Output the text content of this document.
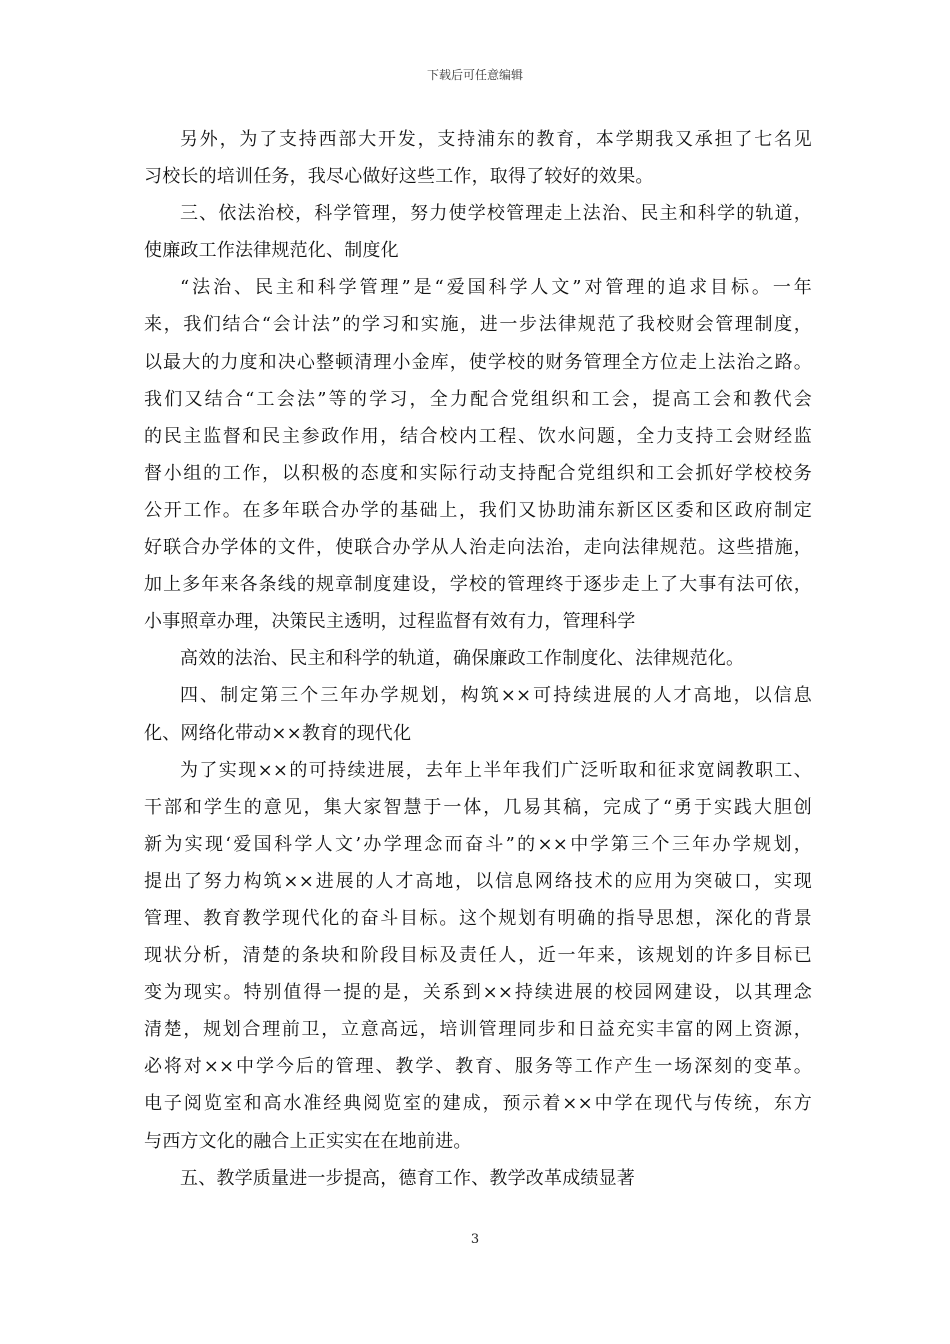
下载后可任意编辑
另外，为了支持西部大开发，支持浦东的教育，本学期我又承担了七名见
习校长的培训任务，我尽心做好这些工作，取得了较好的效果。
三、依法治校，科学管理，努力使学校管理走上法治、民主和科学的轨道，
使廉政工作法律规范化、制度化
“法治、民主和科学管理”是“爱国科学人文”对管理的追求目标。一年
来，我们结合“会计法”的学习和实施，进一步法律规范了我校财会管理制度，
以最大的力度和决心整顿清理小金库，使学校的财务管理全方位走上法治之路。
我们又结合“工会法”等的学习，全力配合党组织和工会，提高工会和教代会
的民主监督和民主参政作用，结合校内工程、饮水问题，全力支持工会财经监
督小组的工作，以积极的态度和实际行动支持配合党组织和工会抓好学校校务
公开工作。在多年联合办学的基础上，我们又协助浦东新区区委和区政府制定
好联合办学体的文件，使联合办学从人治走向法治，走向法律规范。这些措施，
加上多年来各条线的规章制度建设，学校的管理终于逐步走上了大事有法可依，
小事照章办理，决策民主透明，过程监督有效有力，管理科学
高效的法治、民主和科学的轨道，确保廉政工作制度化、法律规范化。
四、制定第三个三年办学规划，构筑××可持续进展的人才高地，以信息
化、网络化带动××教育的现代化
为了实现××的可持续进展，去年上半年我们广泛听取和征求宽阔教职工、
干部和学生的意见，集大家智慧于一体，几易其稿，完成了“勇于实践大胆创
新为实现‘爱国科学人文’办学理念而奋斗”的××中学第三个三年办学规划，
提出了努力构筑××进展的人才高地，以信息网络技术的应用为突破口，实现
管理、教育教学现代化的奋斗目标。这个规划有明确的指导思想，深化的背景
现状分析，清楚的条块和阶段目标及责任人，近一年来，该规划的许多目标已
变为现实。特别值得一提的是，关系到××持续进展的校园网建设，以其理念
清楚，规划合理前卫，立意高远，培训管理同步和日益充实丰富的网上资源，
必将对××中学今后的管理、教学、教育、服务等工作产生一场深刻的变革。
电子阅览室和高水准经典阅览室的建成，预示着××中学在现代与传统，东方
与西方文化的融合上正实实在在地前进。
五、教学质量进一步提高，德育工作、教学改革成绩显著
3
